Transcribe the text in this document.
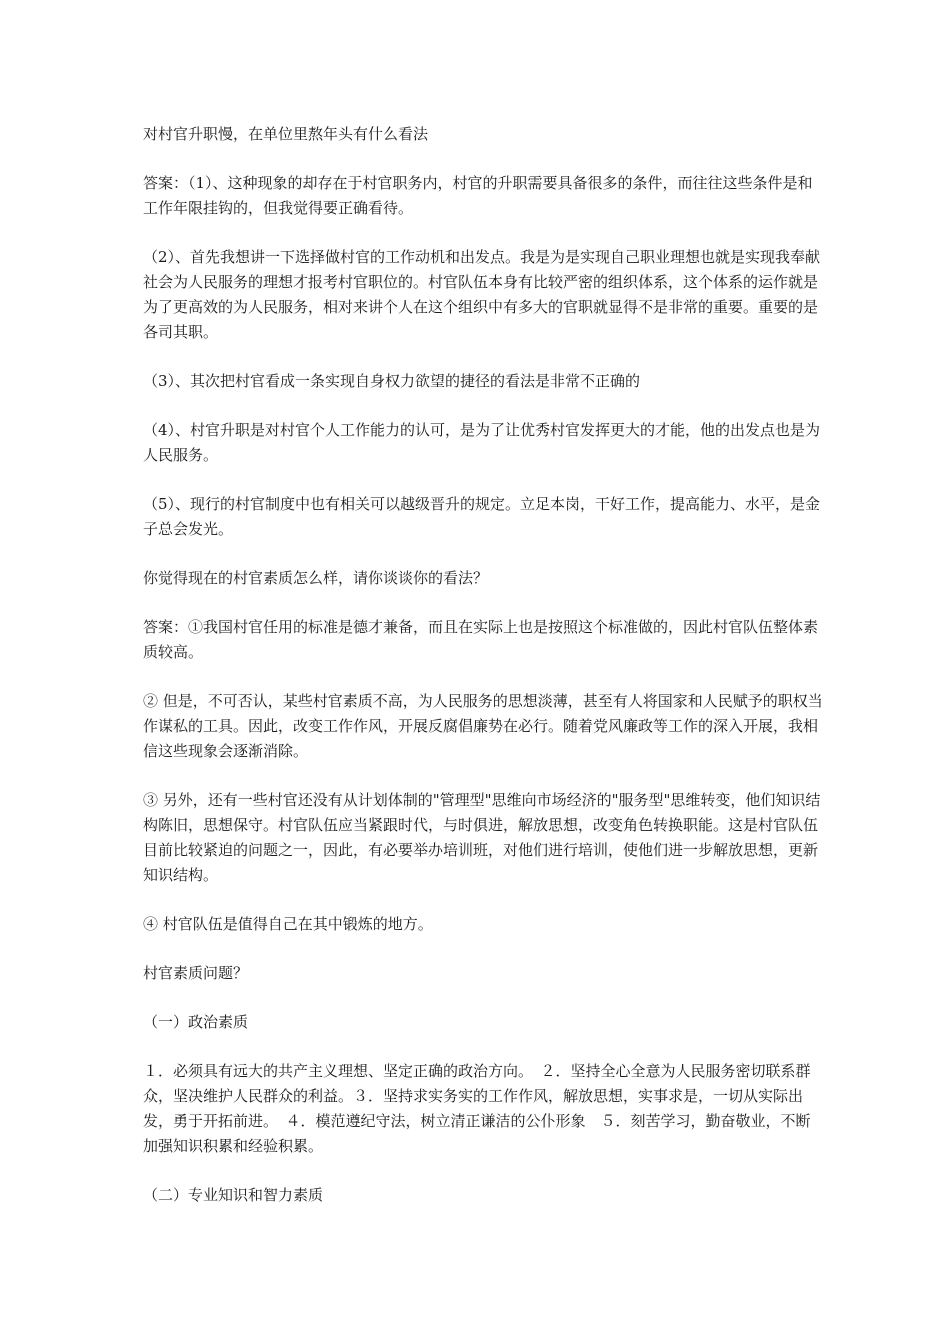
对村官升职慢，在单位里熬年头有什么看法

答案：（1）、这种现象的却存在于村官职务内，村官的升职需要具备很多的条件，而往往这些条件是和工作年限挂钩的，但我觉得要正确看待。

（2）、首先我想讲一下选择做村官的工作动机和出发点。我是为是实现自己职业理想也就是实现我奉献社会为人民服务的理想才报考村官职位的。村官队伍本身有比较严密的组织体系，这个体系的运作就是为了更高效的为人民服务，相对来讲个人在这个组织中有多大的官职就显得不是非常的重要。重要的是各司其职。

（3）、其次把村官看成一条实现自身权力欲望的捷径的看法是非常不正确的

（4）、村官升职是对村官个人工作能力的认可，是为了让优秀村官发挥更大的才能，他的出发点也是为人民服务。

（5）、现行的村官制度中也有相关可以越级晋升的规定。立足本岗，干好工作，提高能力、水平，是金子总会发光。

你觉得现在的村官素质怎么样，请你谈谈你的看法？

答案：①我国村官任用的标准是德才兼备，而且在实际上也是按照这个标准做的，因此村官队伍整体素质较高。

② 但是，不可否认，某些村官素质不高，为人民服务的思想淡薄，甚至有人将国家和人民赋予的职权当作谋私的工具。因此，改变工作作风，开展反腐倡廉势在必行。随着党风廉政等工作的深入开展，我相信这些现象会逐渐消除。

③ 另外，还有一些村官还没有从计划体制的"管理型"思维向市场经济的"服务型"思维转变，他们知识结构陈旧，思想保守。村官队伍应当紧跟时代，与时俱进，解放思想，改变角色转换职能。这是村官队伍目前比较紧迫的问题之一，因此，有必要举办培训班，对他们进行培训，使他们进一步解放思想，更新知识结构。

④ 村官队伍是值得自己在其中锻炼的地方。

村官素质问题？

（一）政治素质

１．必须具有远大的共产主义理想、坚定正确的政治方向。　２．坚持全心全意为人民服务密切联系群众，坚决维护人民群众的利益。３．坚持求实务实的工作作风，解放思想，实事求是，一切从实际出发，勇于开拓前进。　４．模范遵纪守法，树立清正谦洁的公仆形象　５．刻苦学习，勤奋敬业，不断加强知识积累和经验积累。

（二）专业知识和智力素质
